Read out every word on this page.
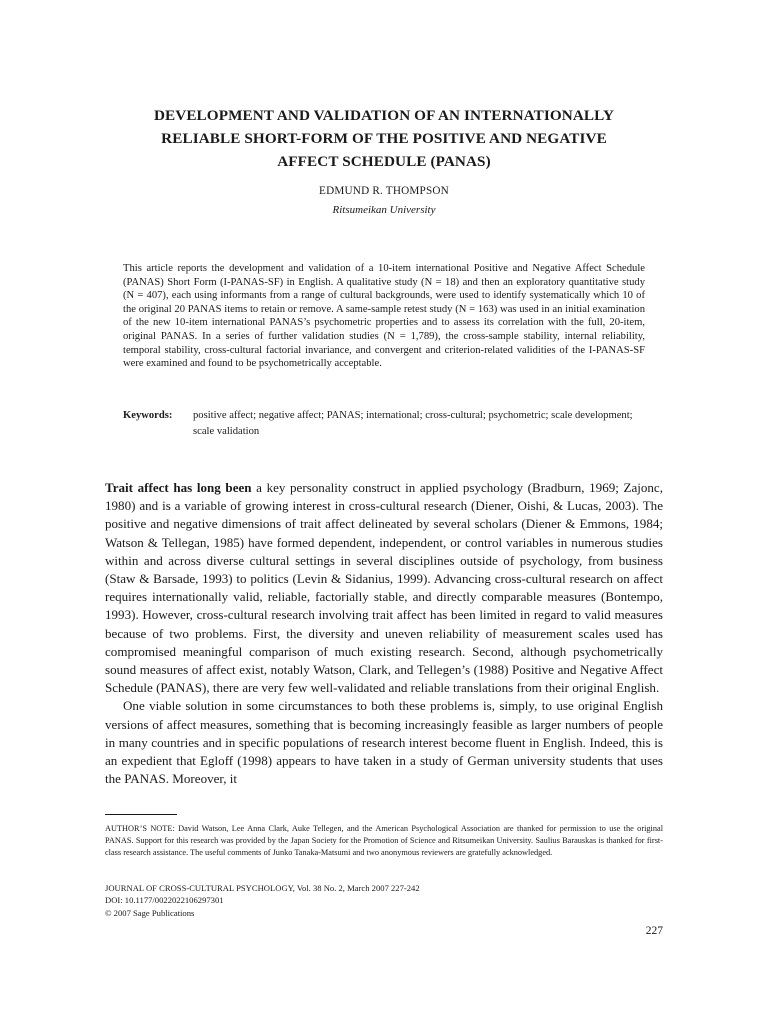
DEVELOPMENT AND VALIDATION OF AN INTERNATIONALLY
RELIABLE SHORT-FORM OF THE POSITIVE AND NEGATIVE
AFFECT SCHEDULE (PANAS)
EDMUND R. THOMPSON
Ritsumeikan University

This article reports the development and validation of a 10-item international Positive and Negative Affect Schedule (PANAS) Short Form (I-PANAS-SF) in English. A qualitative study (N = 18) and then an exploratory quantitative study (N = 407), each using informants from a range of cultural backgrounds, were used to identify systematically which 10 of the original 20 PANAS items to retain or remove. A same-sample retest study (N = 163) was used in an initial examination of the new 10-item international PANAS’s psychometric properties and to assess its correlation with the full, 20-item, original PANAS. In a series of further validation studies (N = 1,789), the cross-sample stability, internal reliability, temporal stability, cross-cultural factorial invariance, and convergent and criterion-related validities of the I-PANAS-SF were examined and found to be psychometrically acceptable.

Keywords:	positive affect; negative affect; PANAS; international; cross-cultural; psychometric; scale development; scale validation

Trait affect has long been a key personality construct in applied psychology (Bradburn, 1969; Zajonc, 1980) and is a variable of growing interest in cross-cultural research (Diener, Oishi, & Lucas, 2003). The positive and negative dimensions of trait affect delineated by several scholars (Diener & Emmons, 1984; Watson & Tellegan, 1985) have formed dependent, independent, or control variables in numerous studies within and across diverse cultural settings in several disciplines outside of psychology, from business (Staw & Barsade, 1993) to politics (Levin & Sidanius, 1999). Advancing cross-cultural research on affect requires internationally valid, reliable, factorially stable, and directly comparable measures (Bontempo, 1993). However, cross-cultural research involving trait affect has been limited in regard to valid measures because of two problems. First, the diversity and uneven reliability of measurement scales used has compromised meaningful comparison of much existing research. Second, although psychometrically sound measures of affect exist, notably Watson, Clark, and Tellegen’s (1988) Positive and Negative Affect Schedule (PANAS), there are very few well-validated and reliable translations from their original English.

One viable solution in some circumstances to both these problems is, simply, to use original English versions of affect measures, something that is becoming increasingly feasible as larger numbers of people in many countries and in specific populations of research interest become fluent in English. Indeed, this is an expedient that Egloff (1998) appears to have taken in a study of German university students that uses the PANAS. Moreover, it

AUTHOR’S NOTE: David Watson, Lee Anna Clark, Auke Tellegen, and the American Psychological Association are thanked for permission to use the original PANAS. Support for this research was provided by the Japan Society for the Promotion of Science and Ritsumeikan University. Saulius Barauskas is thanked for first-class research assistance. The useful comments of Junko Tanaka-Matsumi and two anonymous reviewers are gratefully acknowledged.

JOURNAL OF CROSS-CULTURAL PSYCHOLOGY, Vol. 38 No. 2, March 2007 227-242
DOI: 10.1177/0022022106297301
© 2007 Sage Publications
227
